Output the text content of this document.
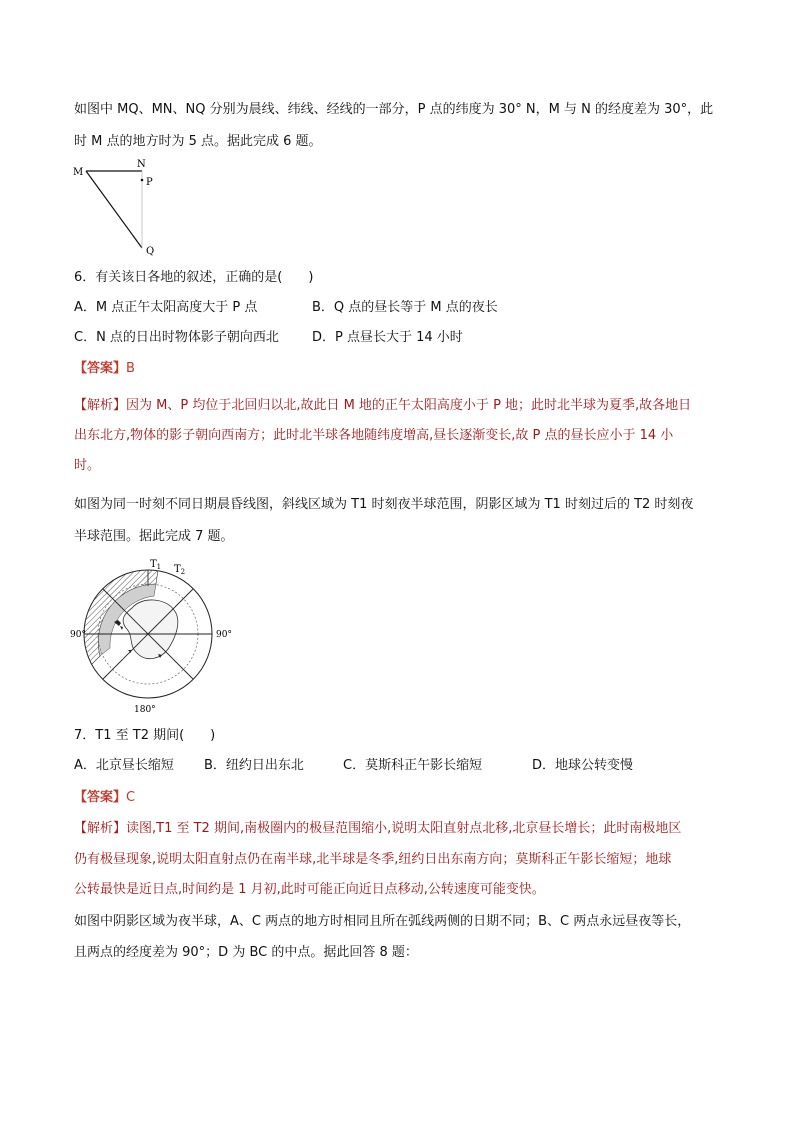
如图中 MQ、MN、NQ 分别为晨线、纬线、经线的一部分，P 点的纬度为 30° N，M 与 N 的经度差为 30°，此

时 M 点的地方时为 5 点。据此完成 6 题。

M
N
P
Q

6．有关该日各地的叙述，正确的是(　　)

A．M 点正午太阳高度大于 P 点	B．Q 点的昼长等于 M 点的夜长
C．N 点的日出时物体影子朝向西北	D．P 点昼长大于 14 小时

【答案】B

【解析】因为 M、P 均位于北回归以北,故此日 M 地的正午太阳高度小于 P 地；此时北半球为夏季,故各地日

出东北方,物体的影子朝向西南方；此时北半球各地随纬度增高,昼长逐渐变长,故 P 点的昼长应小于 14 小

时。

如图为同一时刻不同日期晨昏线图，斜线区域为 T1 时刻夜半球范围，阴影区域为 T1 时刻过后的 T2 时刻夜

半球范围。据此完成 7 题。

$T_1$ $T_2$
90°	90°
180°

7．T1 至 T2 期间(　　)

A．北京昼长缩短 B．纽约日出东北	C．莫斯科正午影长缩短	D．地球公转变慢

【答案】C

【解析】读图,T1 至 T2 期间,南极圈内的极昼范围缩小,说明太阳直射点北移,北京昼长增长；此时南极地区

仍有极昼现象,说明太阳直射点仍在南半球,北半球是冬季,纽约日出东南方向；莫斯科正午影长缩短；地球

公转最快是近日点,时间约是 1 月初,此时可能正向近日点移动,公转速度可能变快。

如图中阴影区域为夜半球，A、C 两点的地方时相同且所在弧线两侧的日期不同；B、C 两点永远昼夜等长，

且两点的经度差为 90°；D 为 BC 的中点。据此回答 8 题：
